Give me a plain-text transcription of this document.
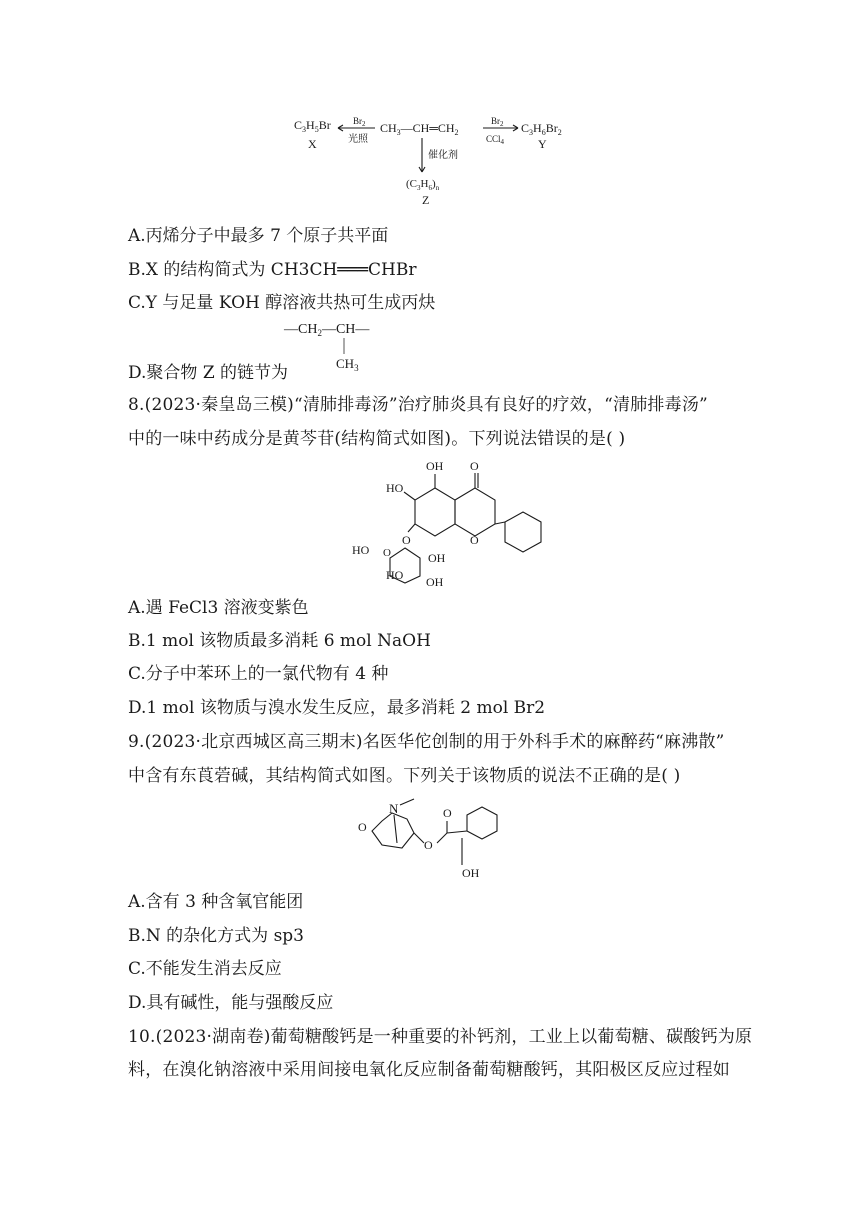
$C_3H_5Br$
X
$Br_2$
光照
$CH_3—CH═CH_2$
$Br_2$
CCl$_4$
$C_3H_6Br_2$
Y
催化剂
$(C_3H_6)_n$
Z
A.丙烯分子中最多 7 个原子共平面
B.X 的结构简式为 CH3CH═══CHBr
C.Y 与足量 KOH 醇溶液共热可生成丙炔
$—CH_2—CH—$
$CH_3$
D.聚合物 Z 的链节为
8.(2023·秦皇岛三模)“清肺排毒汤”治疗肺炎具有良好的疗效，“清肺排毒汤”
中的一味中药成分是黄芩苷(结构简式如图)。下列说法错误的是( )
OH O
HO
O
O
O	OH
OH
HO
HO
A.遇 FeCl3 溶液变紫色
B.1 mol 该物质最多消耗 6 mol NaOH
C.分子中苯环上的一氯代物有 4 种
D.1 mol 该物质与溴水发生反应，最多消耗 2 mol Br2
9.(2023·北京西城区高三期末)名医华佗创制的用于外科手术的麻醉药“麻沸散”
中含有东莨菪碱，其结构简式如图。下列关于该物质的说法不正确的是( )
N
O
O
O
OH
A.含有 3 种含氧官能团
B.N 的杂化方式为 sp3
C.不能发生消去反应
D.具有碱性，能与强酸反应
10.(2023·湖南卷)葡萄糖酸钙是一种重要的补钙剂，工业上以葡萄糖、碳酸钙为原
料，在溴化钠溶液中采用间接电氧化反应制备葡萄糖酸钙，其阳极区反应过程如
